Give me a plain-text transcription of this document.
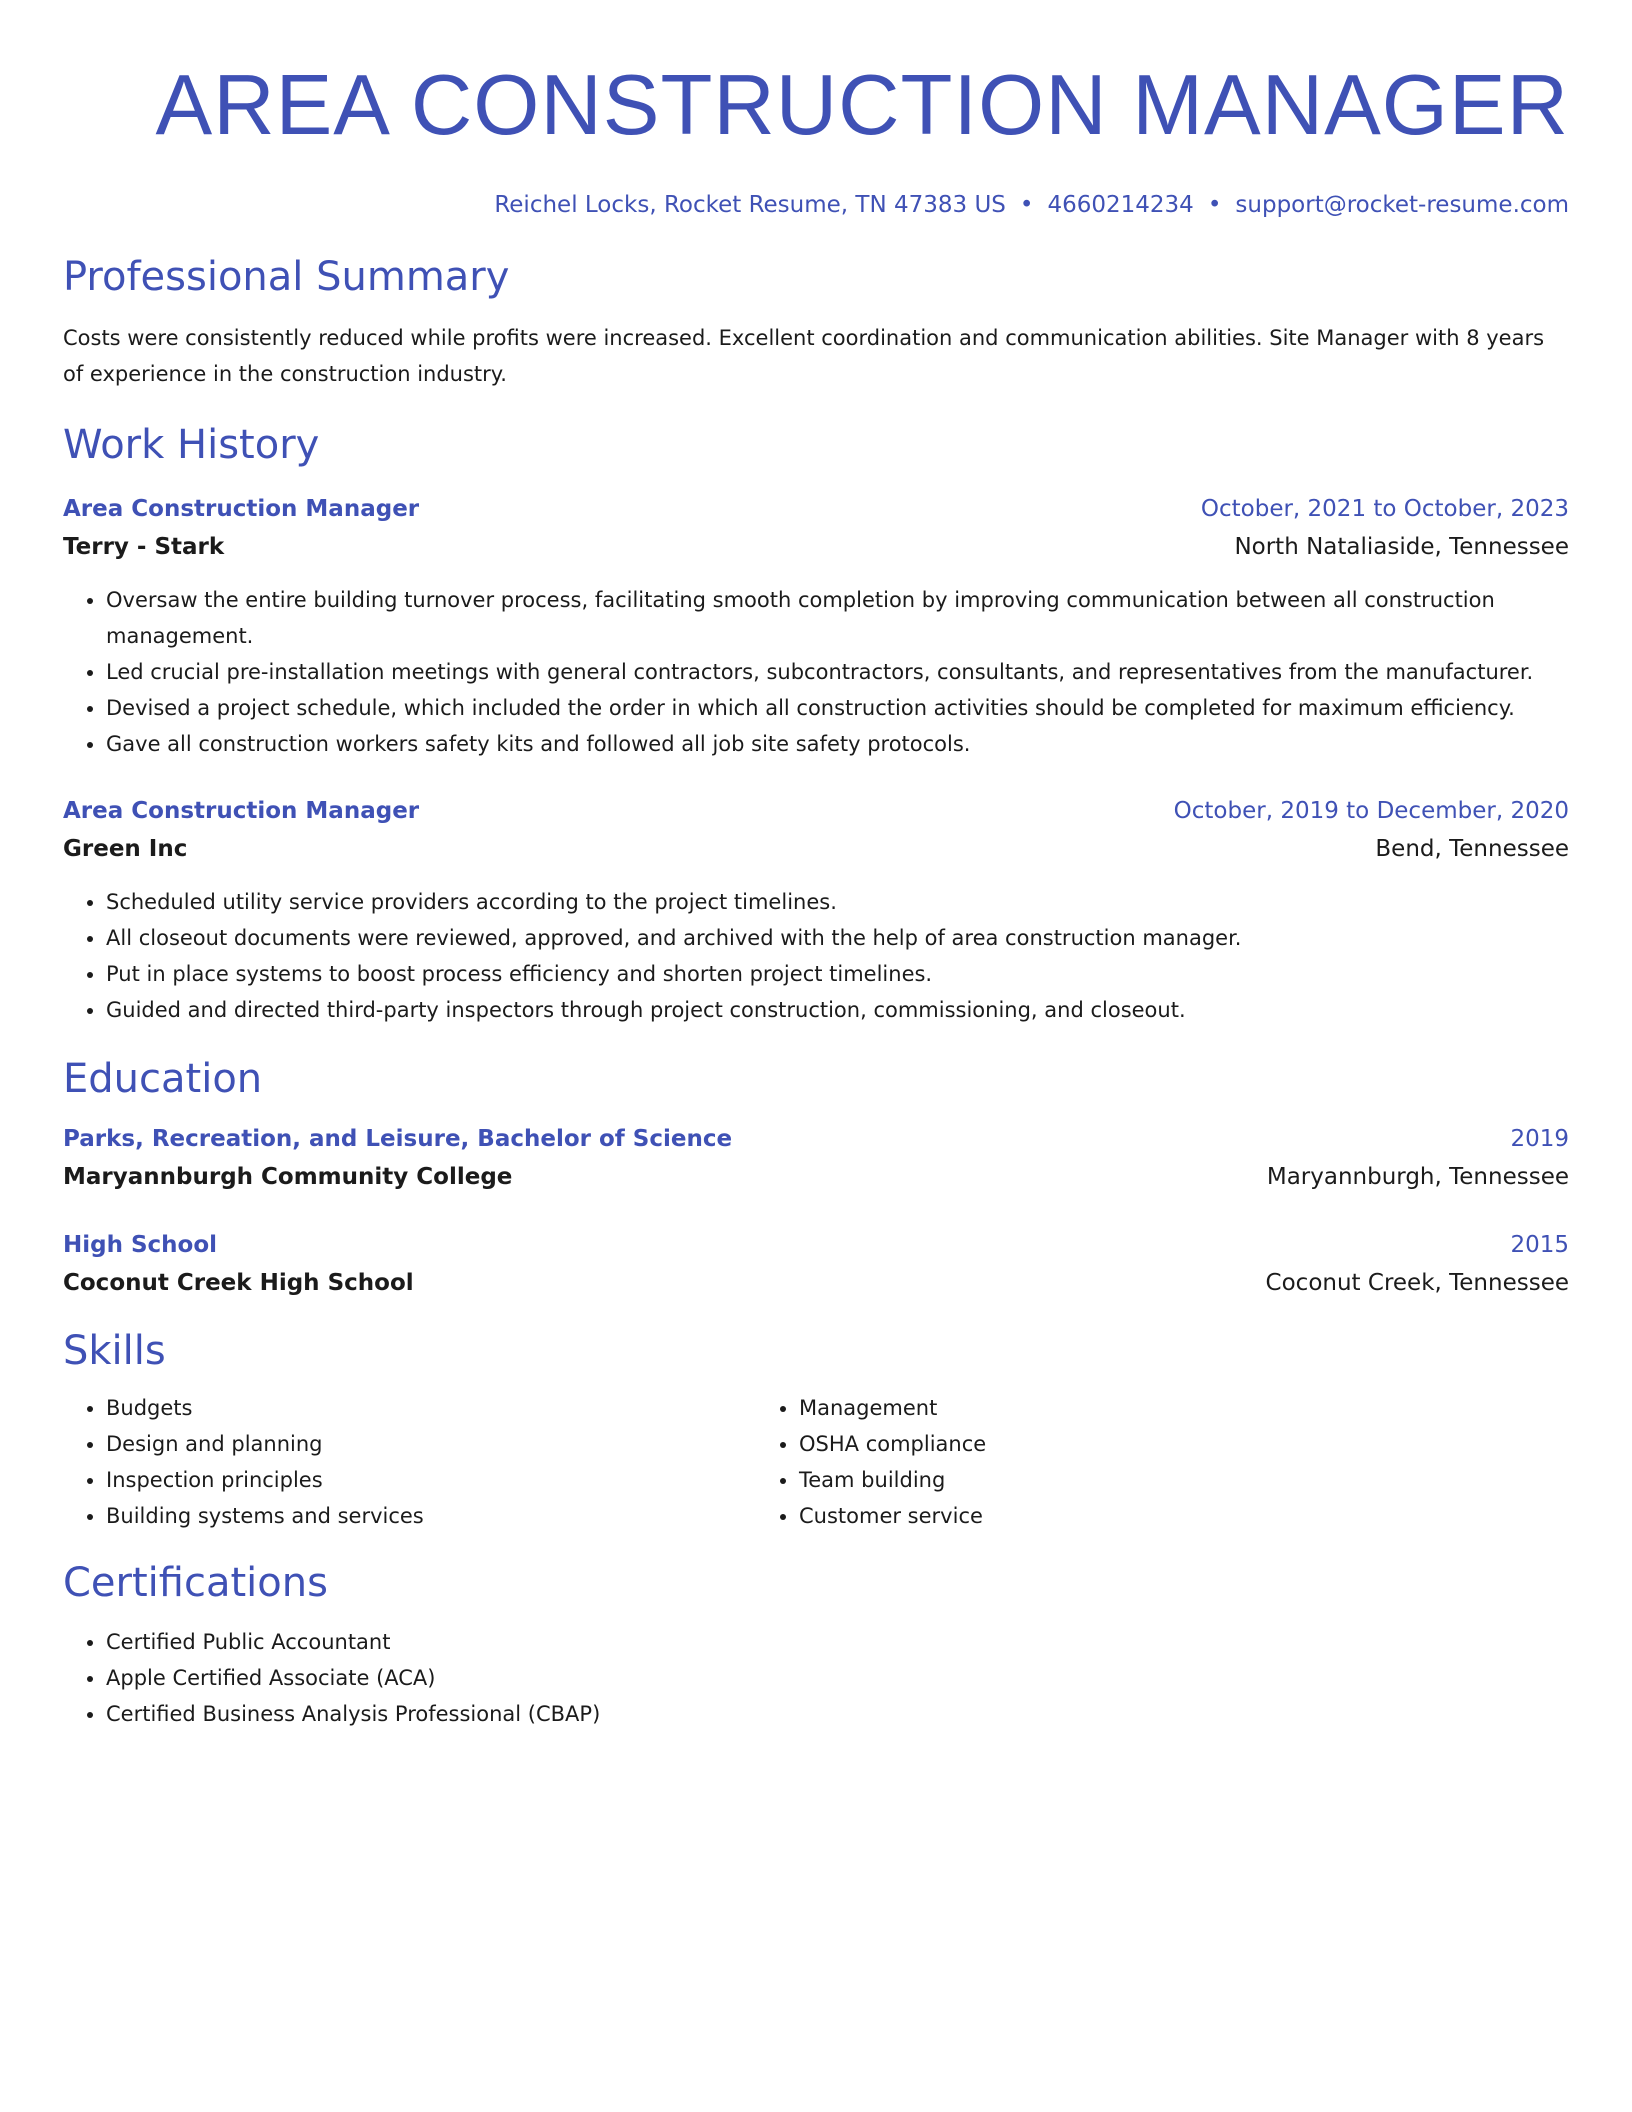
AREA CONSTRUCTION MANAGER
Reichel Locks, Rocket Resume, TN 47383 US • 4660214234 • support@rocket-resume.com
Professional Summary

Costs were consistently reduced while profits were increased. Excellent coordination and communication abilities. Site Manager with 8 years of experience in the construction industry.

Work History
Area Construction Manager	October, 2021 to October, 2023
Terry - Stark	North Nataliaside, Tennessee
• Oversaw the entire building turnover process, facilitating smooth completion by improving communication between all construction management.
• Led crucial pre-installation meetings with general contractors, subcontractors, consultants, and representatives from the manufacturer.
• Devised a project schedule, which included the order in which all construction activities should be completed for maximum efficiency.
• Gave all construction workers safety kits and followed all job site safety protocols.
Area Construction Manager	October, 2019 to December, 2020
Green Inc	Bend, Tennessee
• Scheduled utility service providers according to the project timelines.
• All closeout documents were reviewed, approved, and archived with the help of area construction manager.
• Put in place systems to boost process efficiency and shorten project timelines.
• Guided and directed third-party inspectors through project construction, commissioning, and closeout.
Education
Parks, Recreation, and Leisure, Bachelor of Science	2019
Maryannburgh Community College	Maryannburgh, Tennessee
High School	2015
Coconut Creek High School	Coconut Creek, Tennessee
Skills
• Budgets
• Design and planning
• Inspection principles
• Building systems and services
• Management
• OSHA compliance
• Team building
• Customer service
Certifications
• Certified Public Accountant
• Apple Certified Associate (ACA)
• Certified Business Analysis Professional (CBAP)
